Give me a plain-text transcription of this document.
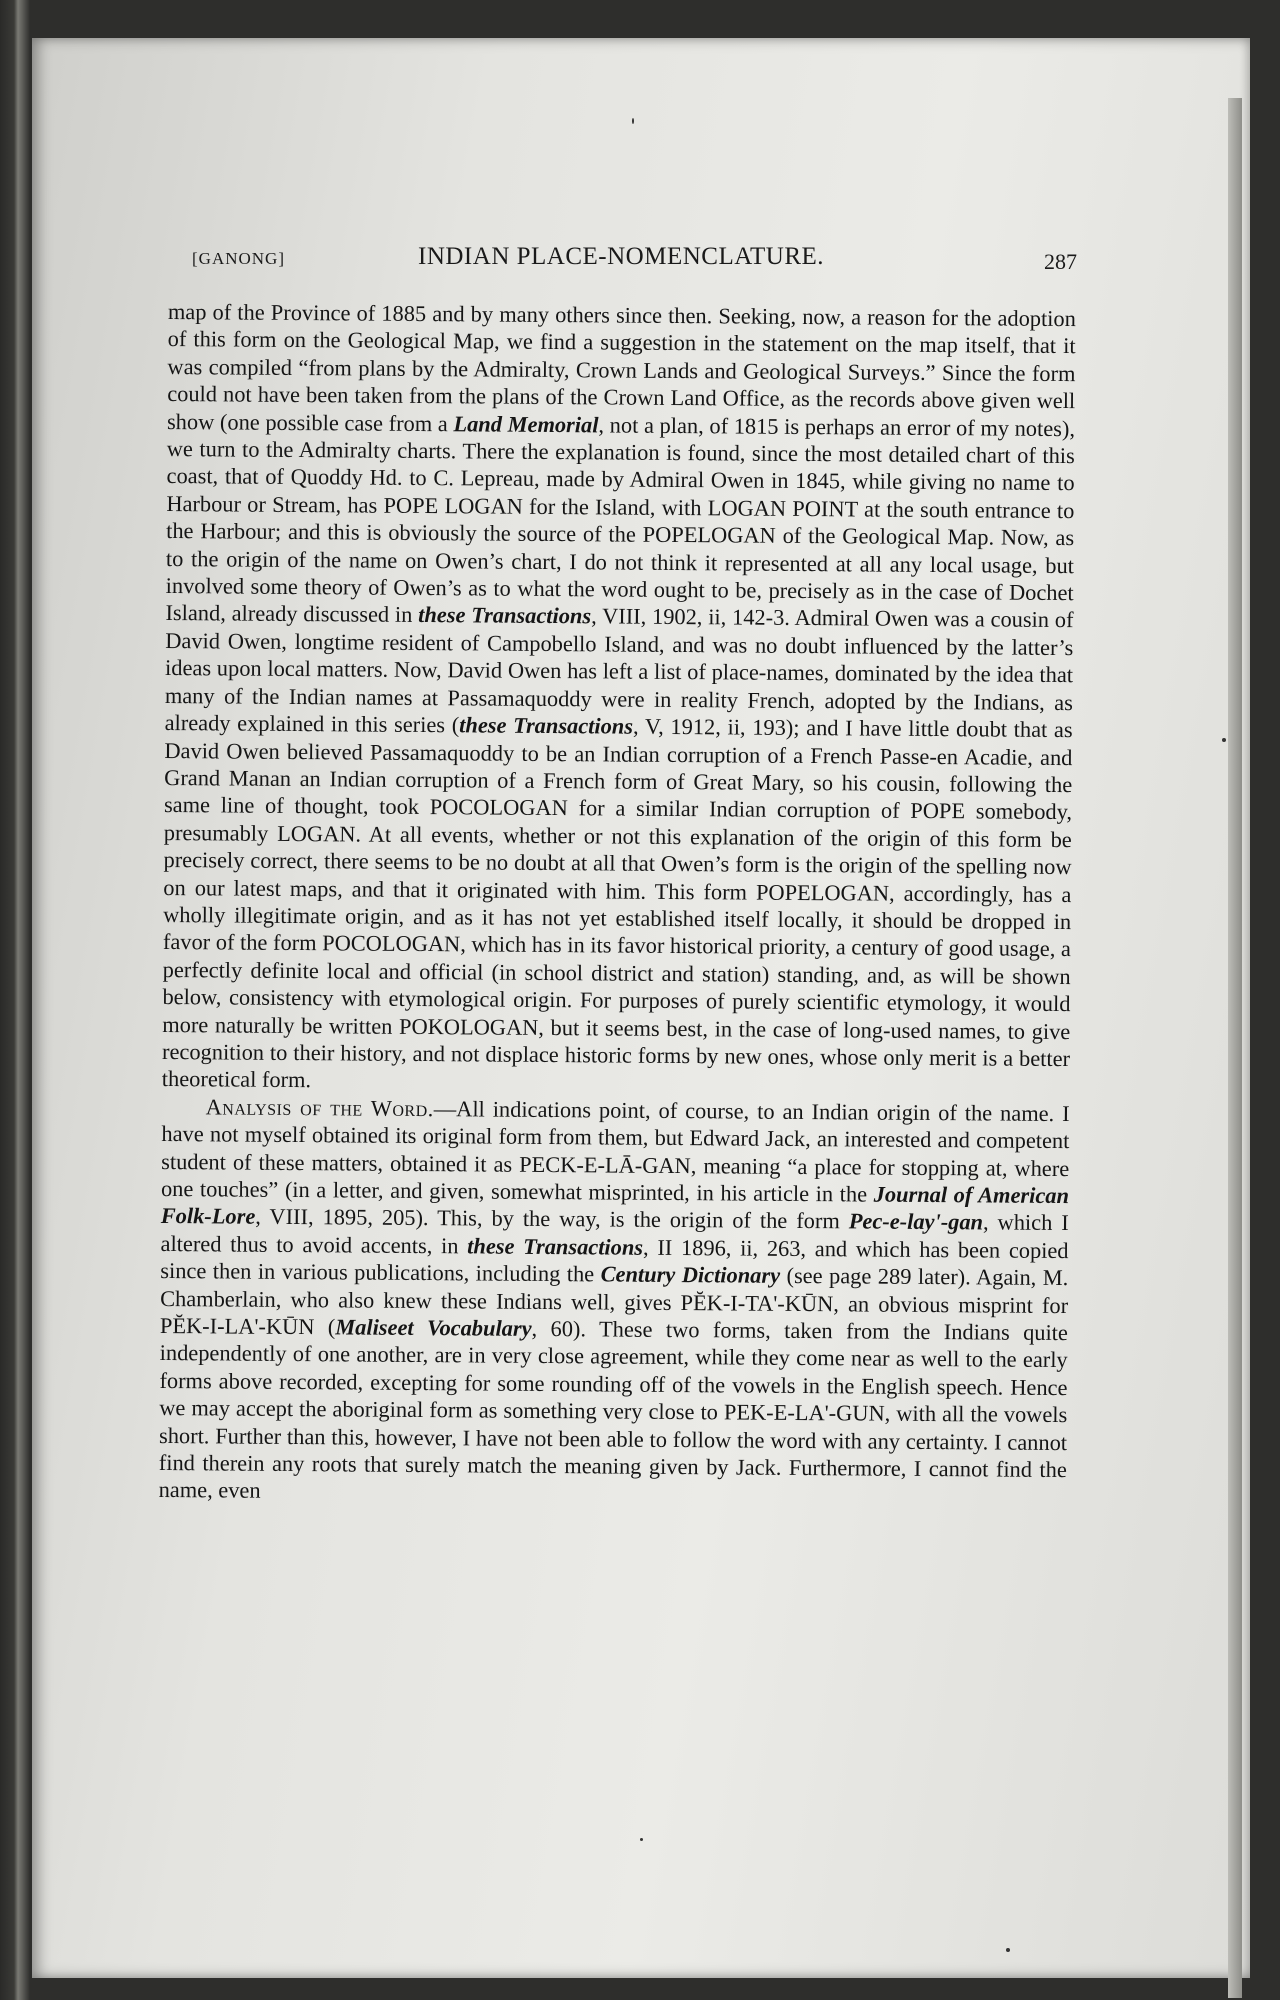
[GANONG]	INDIAN PLACE-NOMENCLATURE.	287

map of the Province of 1885 and by many others since then. Seeking, now, a reason for the adoption of this form on the Geological Map, we find a suggestion in the statement on the map itself, that it was compiled “from plans by the Admiralty, Crown Lands and Geological Surveys.” Since the form could not have been taken from the plans of the Crown Land Office, as the records above given well show (one possible case from a Land Memorial, not a plan, of 1815 is perhaps an error of my notes), we turn to the Admiralty charts. There the explanation is found, since the most detailed chart of this coast, that of Quoddy Hd. to C. Lepreau, made by Admiral Owen in 1845, while giving no name to Harbour or Stream, has POPE LOGAN for the Island, with LOGAN POINT at the south entrance to the Harbour; and this is obviously the source of the POPELOGAN of the Geological Map. Now, as to the origin of the name on Owen’s chart, I do not think it represented at all any local usage, but involved some theory of Owen’s as to what the word ought to be, precisely as in the case of Dochet Island, already discussed in these Transactions, VIII, 1902, ii, 142-3. Admiral Owen was a cousin of David Owen, longtime resident of Campobello Island, and was no doubt influenced by the latter’s ideas upon local matters. Now, David Owen has left a list of place-names, dominated by the idea that many of the Indian names at Passamaquoddy were in reality French, adopted by the Indians, as already explained in this series (these Transactions, V, 1912, ii, 193); and I have little doubt that as David Owen believed Passamaquoddy to be an Indian corruption of a French Passe-en Acadie, and Grand Manan an Indian corruption of a French form of Great Mary, so his cousin, following the same line of thought, took POCOLOGAN for a similar Indian corruption of POPE somebody, presumably LOGAN. At all events, whether or not this explanation of the origin of this form be precisely correct, there seems to be no doubt at all that Owen’s form is the origin of the spelling now on our latest maps, and that it originated with him. This form POPELOGAN, accordingly, has a wholly illegitimate origin, and as it has not yet established itself locally, it should be dropped in favor of the form POCOLOGAN, which has in its favor historical priority, a century of good usage, a perfectly definite local and official (in school district and station) standing, and, as will be shown below, consistency with etymological origin. For purposes of purely scientific etymology, it would more naturally be written POKOLOGAN, but it seems best, in the case of long-used names, to give recognition to their history, and not displace historic forms by new ones, whose only merit is a better theoretical form.

Analysis of the Word.—All indications point, of course, to an Indian origin of the name. I have not myself obtained its original form from them, but Edward Jack, an interested and competent student of these matters, obtained it as PECK-E-LĀ-GAN, meaning “a place for stopping at, where one touches” (in a letter, and given, somewhat misprinted, in his article in the Journal of American Folk-Lore, VIII, 1895, 205). This, by the way, is the origin of the form Pec-e-lay'-gan, which I altered thus to avoid accents, in these Transactions, II 1896, ii, 263, and which has been copied since then in various publications, including the Century Dictionary (see page 289 later). Again, M. Chamberlain, who also knew these Indians well, gives PĔK-I-TA'-KŪN, an obvious misprint for PĔK-I-LA'-KŪN (Maliseet Vocabulary, 60). These two forms, taken from the Indians quite independently of one another, are in very close agreement, while they come near as well to the early forms above recorded, excepting for some rounding off of the vowels in the English speech. Hence we may accept the aboriginal form as something very close to PEK-E-LA'-GUN, with all the vowels short. Further than this, however, I have not been able to follow the word with any certainty. I cannot find therein any roots that surely match the meaning given by Jack. Furthermore, I cannot find the name, even
